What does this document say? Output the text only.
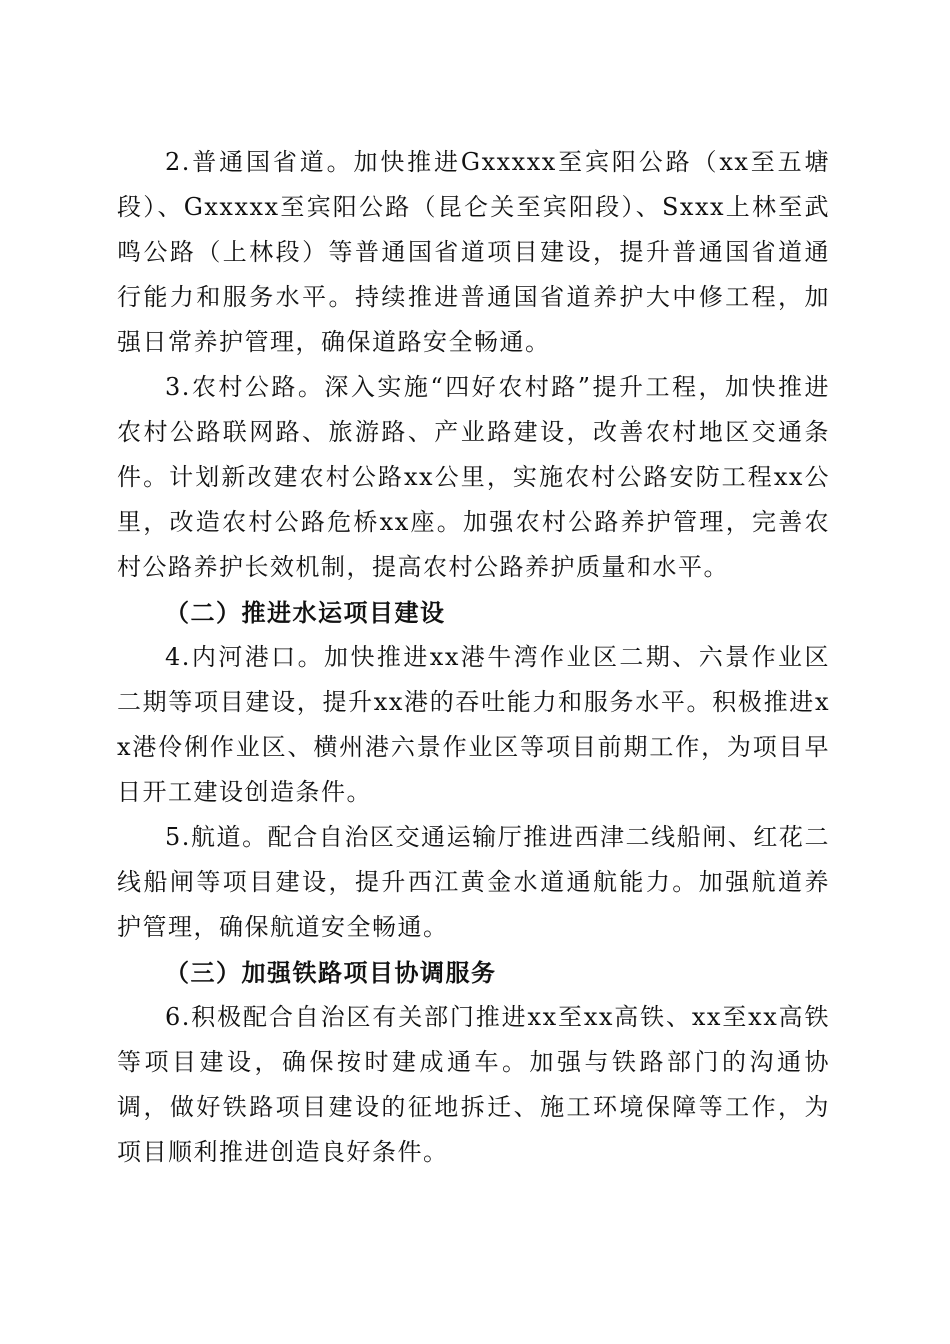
2.普通国省道。加快推进Gxxxxx至宾阳公路（xx至五塘段）、Gxxxxx至宾阳公路（昆仑关至宾阳段）、Sxxx上林至武鸣公路（上林段）等普通国省道项目建设，提升普通国省道通行能力和服务水平。持续推进普通国省道养护大中修工程，加强日常养护管理，确保道路安全畅通。

3.农村公路。深入实施“四好农村路”提升工程，加快推进农村公路联网路、旅游路、产业路建设，改善农村地区交通条件。计划新改建农村公路xx公里，实施农村公路安防工程xx公里，改造农村公路危桥xx座。加强农村公路养护管理，完善农村公路养护长效机制，提高农村公路养护质量和水平。

（二）推进水运项目建设

4.内河港口。加快推进xx港牛湾作业区二期、六景作业区二期等项目建设，提升xx港的吞吐能力和服务水平。积极推进xx港伶俐作业区、横州港六景作业区等项目前期工作，为项目早日开工建设创造条件。

5.航道。配合自治区交通运输厅推进西津二线船闸、红花二线船闸等项目建设，提升西江黄金水道通航能力。加强航道养护管理，确保航道安全畅通。

（三）加强铁路项目协调服务

6.积极配合自治区有关部门推进xx至xx高铁、xx至xx高铁等项目建设，确保按时建成通车。加强与铁路部门的沟通协调，做好铁路项目建设的征地拆迁、施工环境保障等工作，为项目顺利推进创造良好条件。
